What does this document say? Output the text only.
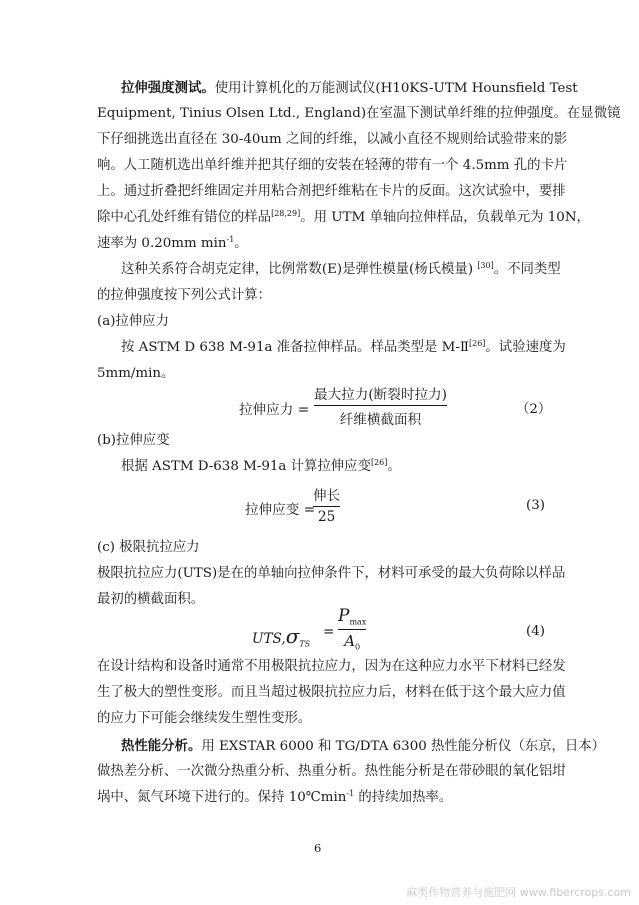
拉伸强度测试。使用计算机化的万能测试仪(H10KS-UTM Hounsfield Test
Equipment, Tinius Olsen Ltd., England)在室温下测试单纤维的拉伸强度。在显微镜
下仔细挑选出直径在 30-40um 之间的纤维，以减小直径不规则给试验带来的影
响。人工随机选出单纤维并把其仔细的安装在轻薄的带有一个 4.5mm 孔的卡片
上。通过折叠把纤维固定并用粘合剂把纤维粘在卡片的反面。这次试验中，要排
除中心孔处纤维有错位的样品[28,29]。用 UTM 单轴向拉伸样品，负载单元为 10N，
速率为 0.20mm $\min^{-1}$。
这种关系符合胡克定律，比例常数(E)是弹性模量(杨氏模量) [30]。不同类型
的拉伸强度按下列公式计算：
(a)拉伸应力
按 ASTM D 638 M-91a 准备拉伸样品。样品类型是 M-Ⅱ[26]。试验速度为
5mm/min。
拉伸应力 =
最大拉力(断裂时拉力)
纤维横截面积
（2）
(b)拉伸应变
根据 ASTM D-638 M-91a 计算拉伸应变[26]。
拉伸应变 =
伸长
25
(3)
(c) 极限抗拉应力
极限抗拉应力(UTS)是在的单轴向拉伸条件下，材料可承受的最大负荷除以样品
最初的横截面积。
$UTS,\sigma_{TS}$
=
$P_{max}$
$A_0$
(4)
在设计结构和设备时通常不用极限抗拉应力，因为在这种应力水平下材料已经发
生了极大的塑性变形。而且当超过极限抗拉应力后，材料在低于这个最大应力值
的应力下可能会继续发生塑性变形。
热性能分析。用 EXSTAR 6000 和 TG/DTA 6300 热性能分析仪（东京，日本）
做热差分析、一次微分热重分析、热重分析。热性能分析是在带砂眼的氧化铝坩
埚中、氮气环境下进行的。保持 $10℃\min^{-1}$ 的持续加热率。
6
麻类作物营养与施肥网 www.fibercrops.com
